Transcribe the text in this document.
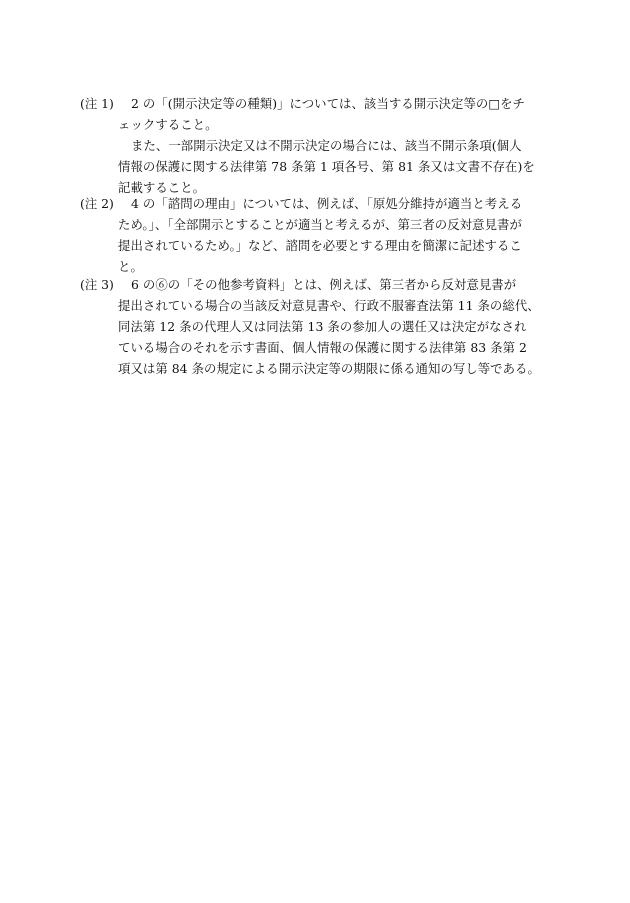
(注 1) 2 の「(開示決定等の種類)」については、該当する開示決定等の□をチ
ェックすること。
また、一部開示決定又は不開示決定の場合には、該当不開示条項(個人
情報の保護に関する法律第 78 条第 1 項各号、第 81 条又は文書不存在)を
記載すること。
(注 2) 4 の「諮問の理由」については、例えば、「原処分維持が適当と考える
ため。」、「全部開示とすることが適当と考えるが、第三者の反対意見書が
提出されているため。」など、諮問を必要とする理由を簡潔に記述するこ
と。
(注 3) 6 の⑥の「その他参考資料」とは、例えば、第三者から反対意見書が
提出されている場合の当該反対意見書や、行政不服審査法第 11 条の総代、
同法第 12 条の代理人又は同法第 13 条の参加人の選任又は決定がなされ
ている場合のそれを示す書面、個人情報の保護に関する法律第 83 条第 2
項又は第 84 条の規定による開示決定等の期限に係る通知の写し等である。
